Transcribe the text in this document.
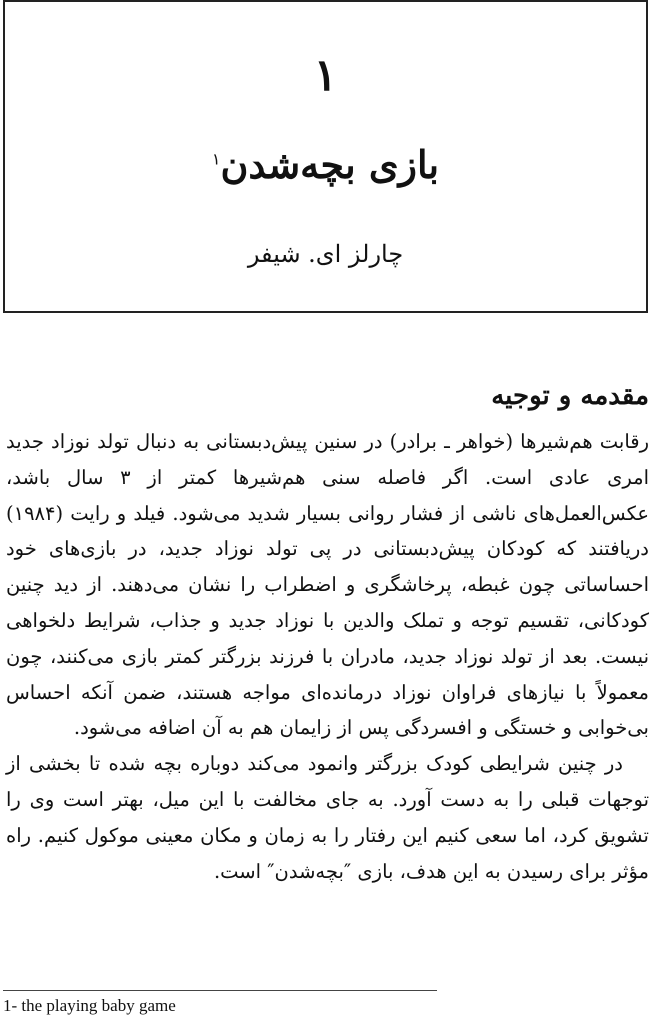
۱
بازی بچه‌شدن$^۱$
چارلز ای. شیفر
مقدمه و توجیه

رقابت هم‌شیرها (خواهر ـ برادر) در سنین پیش‌دبستانی به دنبال تولد نوزاد جدید امری عادی است. اگر فاصله سنی هم‌شیرها کمتر از ۳ سال باشد، عکس‌العمل‌های ناشی از فشار روانی بسیار شدید می‌شود. فیلد و رایت (۱۹۸۴) دریافتند که کودکان پیش‌دبستانی در پی تولد نوزاد جدید، در بازی‌های خود احساساتی چون غبطه، پرخاشگری و اضطراب را نشان می‌دهند. از دید چنین کودکانی، تقسیم توجه و تملک والدین با نوزاد جدید و جذاب، شرایط دلخواهی نیست. بعد از تولد نوزاد جدید، مادران با فرزند بزرگتر کمتر بازی می‌کنند، چون معمولاً با نیازهای فراوان نوزاد درمانده‌ای مواجه هستند، ضمن آنکه احساس بی‌خوابی و خستگی و افسردگی پس از زایمان هم به آن اضافه می‌شود.

در چنین شرایطی کودک بزرگتر وانمود می‌کند دوباره بچه شده تا بخشی از توجهات قبلی را به دست آورد. به جای مخالفت با این میل، بهتر است وی را تشویق کرد، اما سعی کنیم این رفتار را به زمان و مکان معینی موکول کنیم. راه مؤثر برای رسیدن به این هدف، بازی ″بچه‌شدن″ است.

1- the playing baby game
